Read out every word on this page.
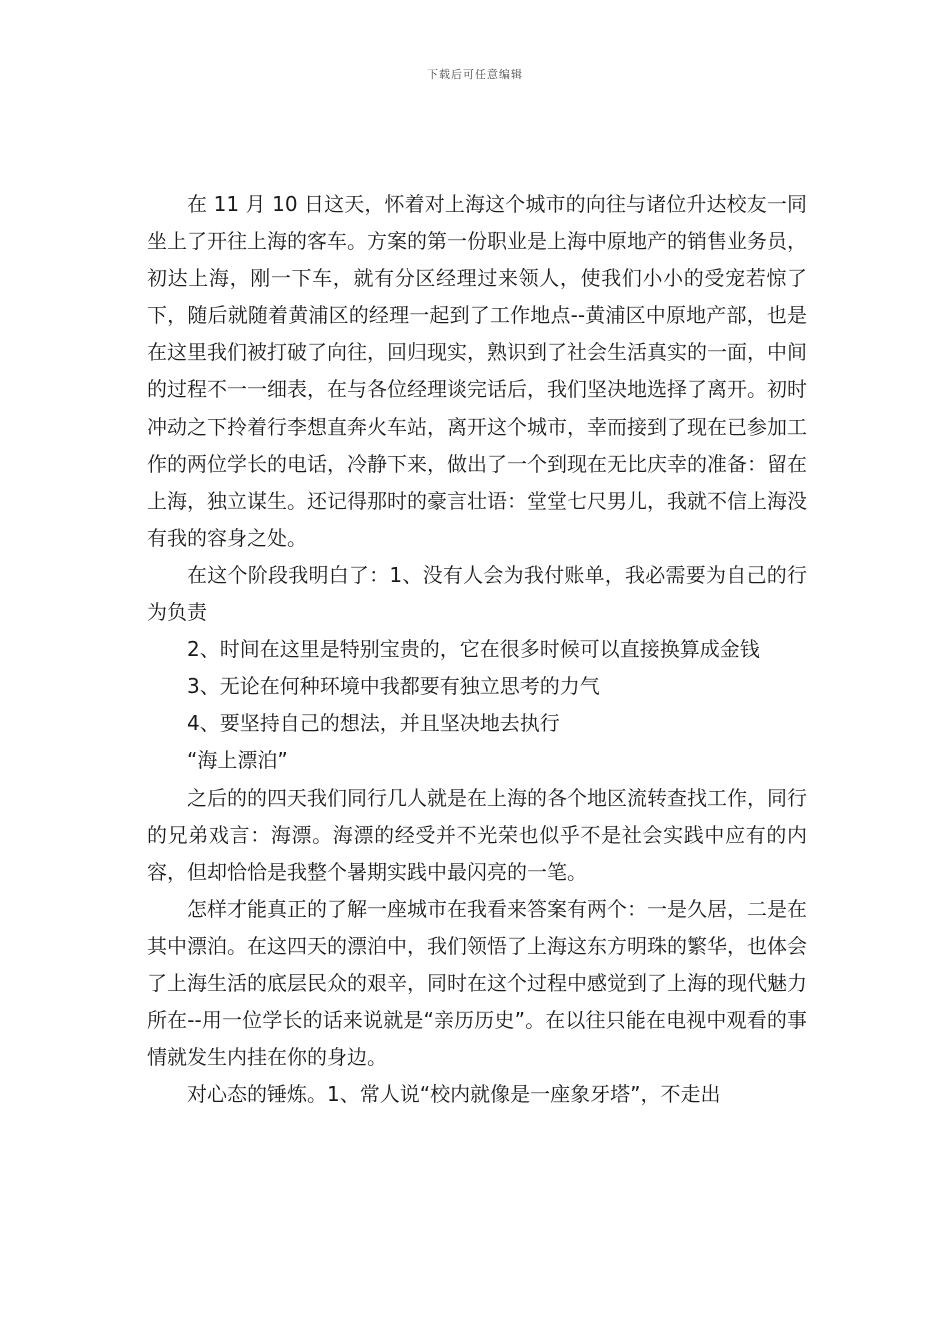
下载后可任意编辑

在 11 月 10 日这天，怀着对上海这个城市的向往与诸位升达校友一同坐上了开往上海的客车。方案的第一份职业是上海中原地产的销售业务员，初达上海，刚一下车，就有分区经理过来领人，使我们小小的受宠若惊了下，随后就随着黄浦区的经理一起到了工作地点--黄浦区中原地产部，也是在这里我们被打破了向往，回归现实，熟识到了社会生活真实的一面，中间的过程不一一细表，在与各位经理谈完话后，我们坚决地选择了离开。初时冲动之下拎着行李想直奔火车站，离开这个城市，幸而接到了现在已参加工作的两位学长的电话，冷静下来，做出了一个到现在无比庆幸的准备：留在上海，独立谋生。还记得那时的豪言壮语：堂堂七尺男儿，我就不信上海没有我的容身之处。

在这个阶段我明白了：1、没有人会为我付账单，我必需要为自己的行为负责

2、时间在这里是特别宝贵的，它在很多时候可以直接换算成金钱

3、无论在何种环境中我都要有独立思考的力气

4、要坚持自己的想法，并且坚决地去执行

“海上漂泊”

之后的的四天我们同行几人就是在上海的各个地区流转查找工作，同行的兄弟戏言：海漂。海漂的经受并不光荣也似乎不是社会实践中应有的内容，但却恰恰是我整个暑期实践中最闪亮的一笔。

怎样才能真正的了解一座城市在我看来答案有两个：一是久居，二是在其中漂泊。在这四天的漂泊中，我们领悟了上海这东方明珠的繁华，也体会了上海生活的底层民众的艰辛，同时在这个过程中感觉到了上海的现代魅力所在--用一位学长的话来说就是“亲历历史”。在以往只能在电视中观看的事情就发生内挂在你的身边。

对心态的锤炼。1、常人说“校内就像是一座象牙塔”，不走出
